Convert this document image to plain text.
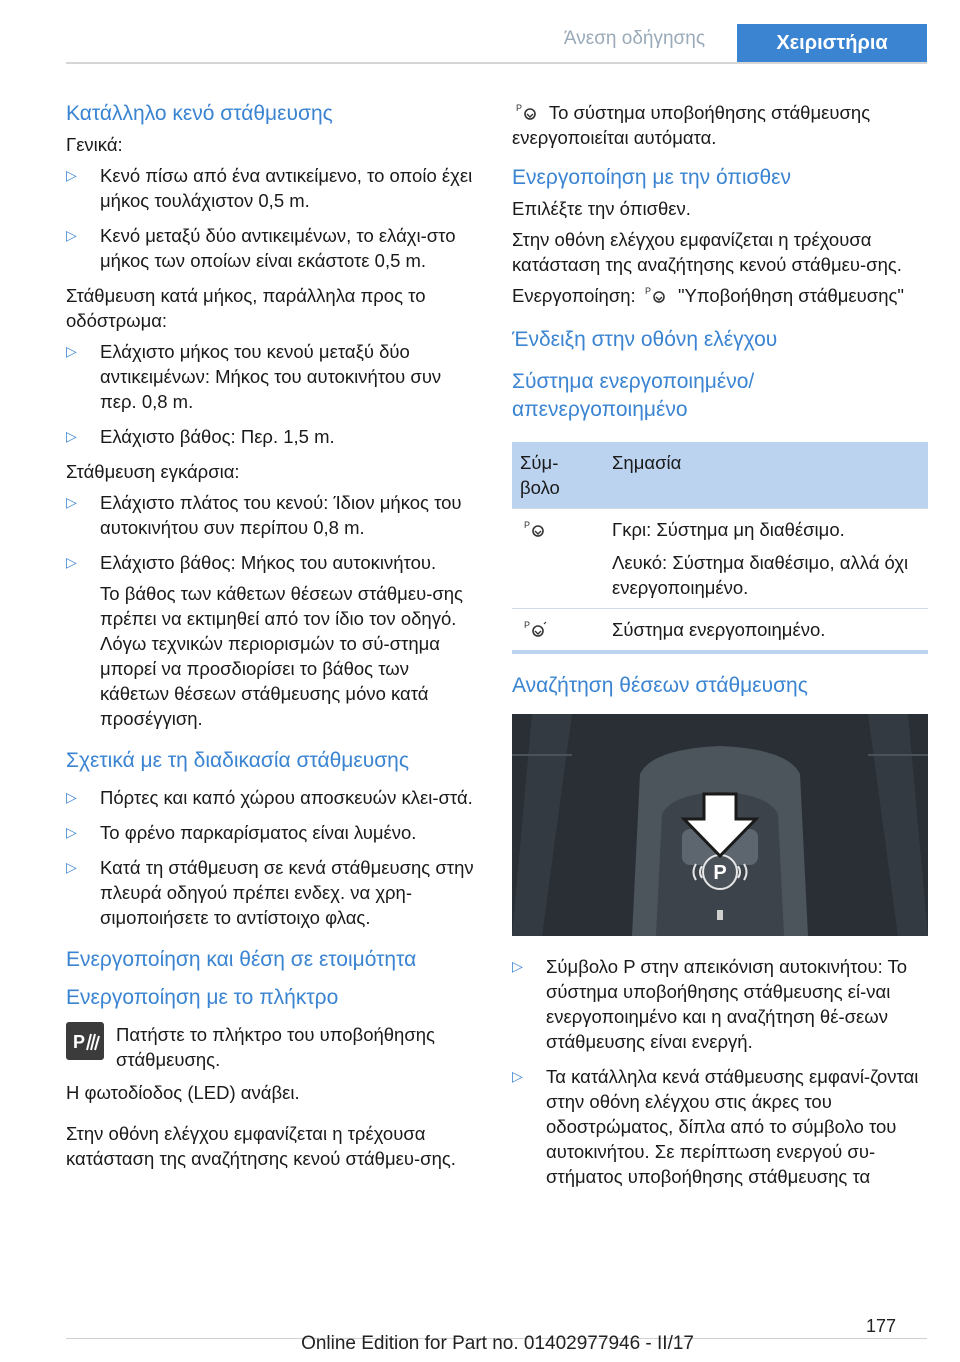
Άνεση οδήγησης	Χειριστήρια
Κατάλληλο κενό στάθμευσης

Γενικά:

▷ Κενό πίσω από ένα αντικείμενο, το οποίο έχει μήκος τουλάχιστον 0,5 m.
▷ Κενό μεταξύ δύο αντικειμένων, το ελάχι-στο μήκος των οποίων είναι εκάστοτε 0,5 m.

Στάθμευση κατά μήκος, παράλληλα προς το οδόστρωμα:

▷ Ελάχιστο μήκος του κενού μεταξύ δύο αντικειμένων: Μήκος του αυτοκινήτου συν περ. 0,8 m.
▷ Ελάχιστο βάθος: Περ. 1,5 m.

Στάθμευση εγκάρσια:

▷ Ελάχιστο πλάτος του κενού: Ίδιον μήκος του αυτοκινήτου συν περίπου 0,8 m.
▷ Ελάχιστο βάθος: Μήκος του αυτοκινήτου.
Το βάθος των κάθετων θέσεων στάθμευ-σης πρέπει να εκτιμηθεί από τον ίδιο τον οδηγό. Λόγω τεχνικών περιορισμών το σύ-στημα μπορεί να προσδιορίσει το βάθος των κάθετων θέσεων στάθμευσης μόνο κατά προσέγγιση.
Σχετικά με τη διαδικασία στάθμευσης
▷ Πόρτες και καπό χώρου αποσκευών κλει-στά.
▷ Το φρένο παρκαρίσματος είναι λυμένο.
▷ Κατά τη στάθμευση σε κενά στάθμευσης στην πλευρά οδηγού πρέπει ενδεχ. να χρη-σιμοποιήσετε το αντίστοιχο φλας.
Ενεργοποίηση και θέση σε ετοιμότητα
Ενεργοποίηση με το πλήκτρο
P Πατήστε το πλήκτρο του υποβοήθησης στάθμευσης.

Η φωτοδίοδος (LED) ανάβει.

Στην οθόνη ελέγχου εμφανίζεται η τρέχουσα κατάσταση της αναζήτησης κενού στάθμευ-σης.

P Το σύστημα υποβοήθησης στάθμευσης ενεργοποιείται αυτόματα.

Ενεργοποίηση με την όπισθεν

Επιλέξτε την όπισθεν.

Στην οθόνη ελέγχου εμφανίζεται η τρέχουσα κατάσταση της αναζήτησης κενού στάθμευ-σης.

Ενεργοποίηση: P "Υποβοήθηση στάθμευσης"

Ένδειξη στην οθόνη ελέγχου
Σύστημα ενεργοποιημένο/ απενεργοποιημένο
Σύμ-βολο	Σημασία

P	Γκρι: Σύστημα μη διαθέσιμο.

Λευκό: Σύστημα διαθέσιμο, αλλά όχι ενεργοποιημένο.

P	Σύστημα ενεργοποιημένο.
Αναζήτηση θέσεων στάθμευσης
P
▷ Σύμβολο P στην απεικόνιση αυτοκινήτου: Το σύστημα υποβοήθησης στάθμευσης εί-ναι ενεργοποιημένο και η αναζήτηση θέ-σεων στάθμευσης είναι ενεργή.
▷ Τα κατάλληλα κενά στάθμευσης εμφανί-ζονται στην οθόνη ελέγχου στις άκρες του οδοστρώματος, δίπλα από το σύμβολο του αυτοκινήτου. Σε περίπτωση ενεργού συ-στήματος υποβοήθησης στάθμευσης τα
177
Online Edition for Part no. 01402977946 - II/17
